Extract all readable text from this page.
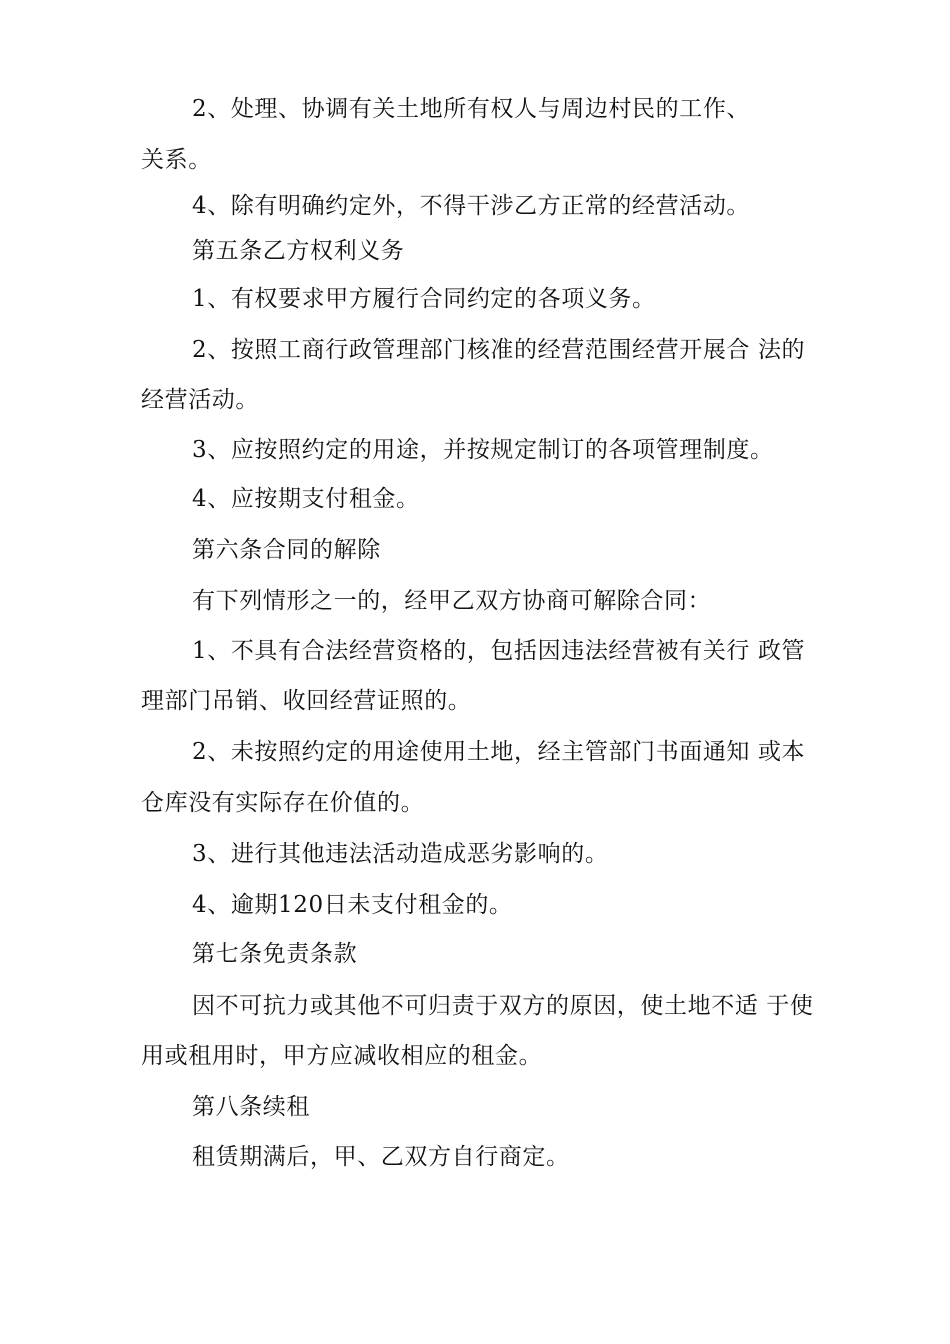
2、处理、协调有关土地所有权人与周边村民的工作、
关系。
4、除有明确约定外，不得干涉乙方正常的经营活动。
第五条乙方权利义务
1、有权要求甲方履行合同约定的各项义务。
2、按照工商行政管理部门核准的经营范围经营开展合 法的
经营活动。
3、应按照约定的用途，并按规定制订的各项管理制度。
4、应按期支付租金。
第六条合同的解除
有下列情形之一的，经甲乙双方协商可解除合同：
1、不具有合法经营资格的，包括因违法经营被有关行 政管
理部门吊销、收回经营证照的。
2、未按照约定的用途使用土地，经主管部门书面通知 或本
仓库没有实际存在价值的。
3、进行其他违法活动造成恶劣影响的。
4、逾期120日未支付租金的。
第七条免责条款
因不可抗力或其他不可归责于双方的原因，使土地不适 于使
用或租用时，甲方应减收相应的租金。
第八条续租
租赁期满后，甲、乙双方自行商定。
